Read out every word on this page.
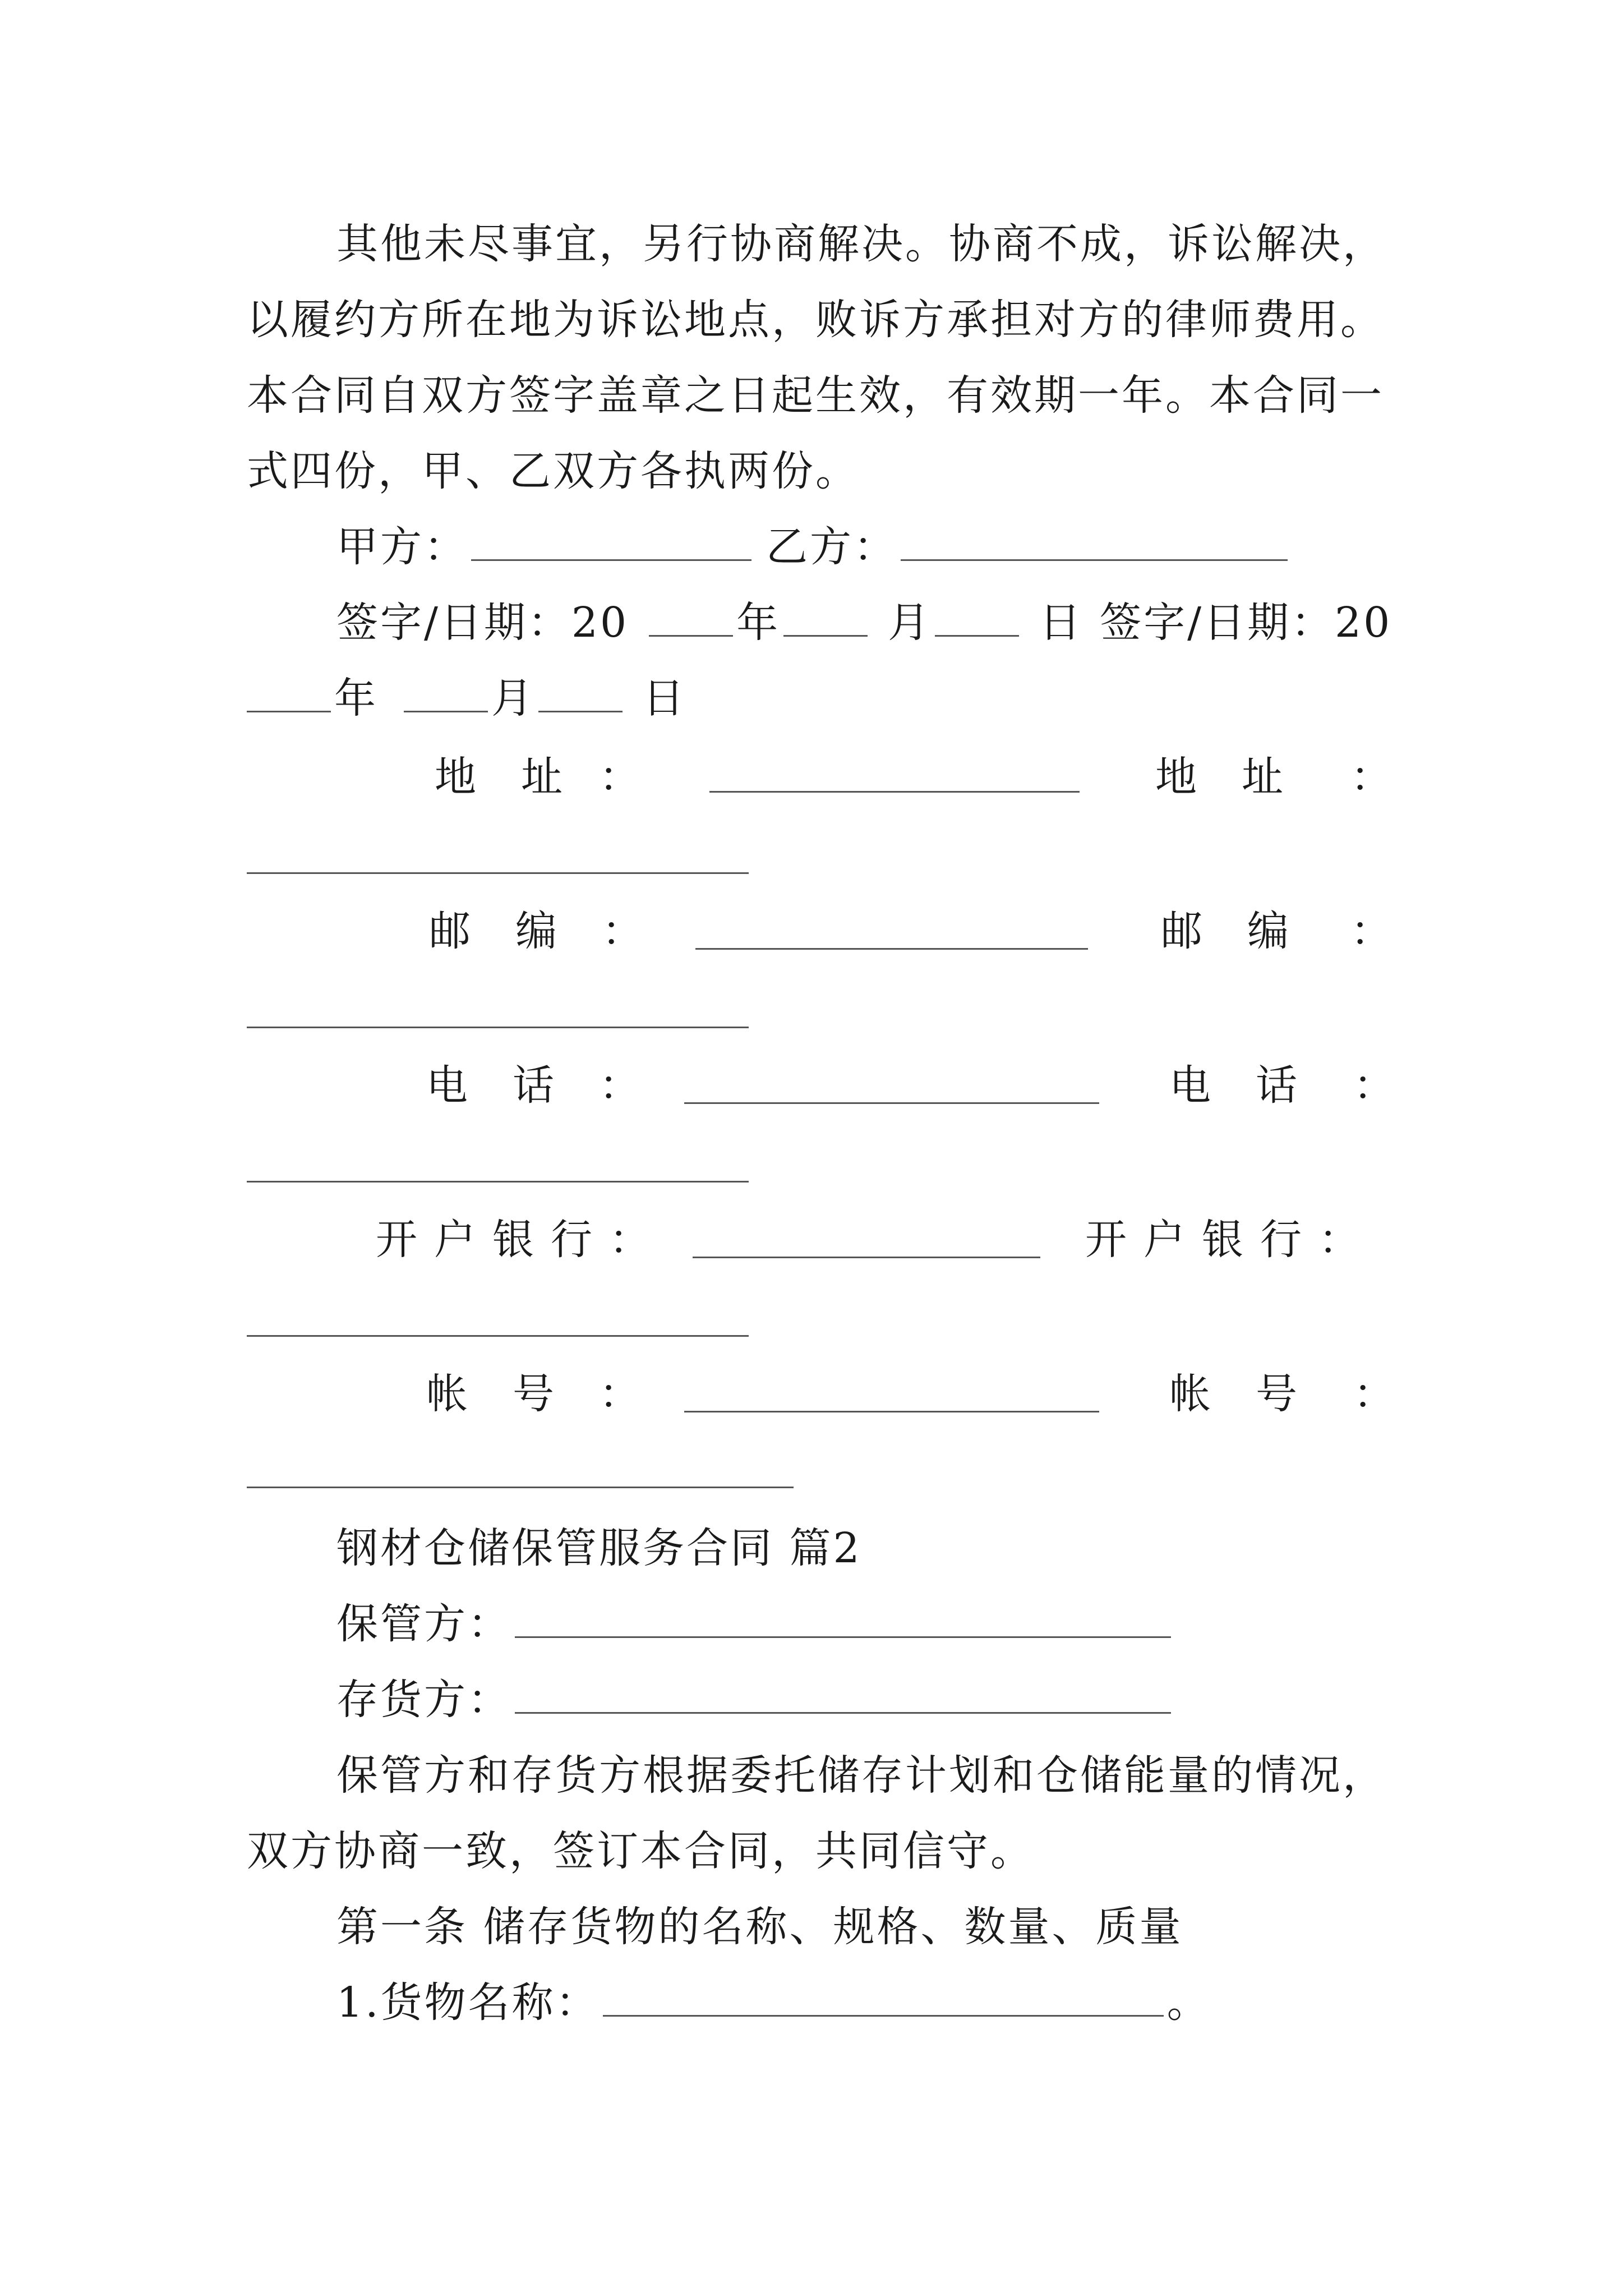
其他未尽事宜，另行协商解决。协商不成，诉讼解决，
以履约方所在地为诉讼地点，败诉方承担对方的律师费用。
本合同自双方签字盖章之日起生效，有效期一年。本合同一
式四份，甲、乙双方各执两份。
甲方：	乙方：
签字/日期：20	年	月	日 签字/日期：20
年	月	日
地 址 ：	地 址 ：
邮 编 ：	邮 编 ：
电 话 ：	电 话 ：
开 户 银 行 ：	开 户 银 行 ：
帐 号 ：	帐 号 ：
钢材仓储保管服务合同 篇2
保管方：
存货方：
保管方和存货方根据委托储存计划和仓储能量的情况，
双方协商一致，签订本合同，共同信守。
第一条 储存货物的名称、规格、数量、质量
1.货物名称：	。
